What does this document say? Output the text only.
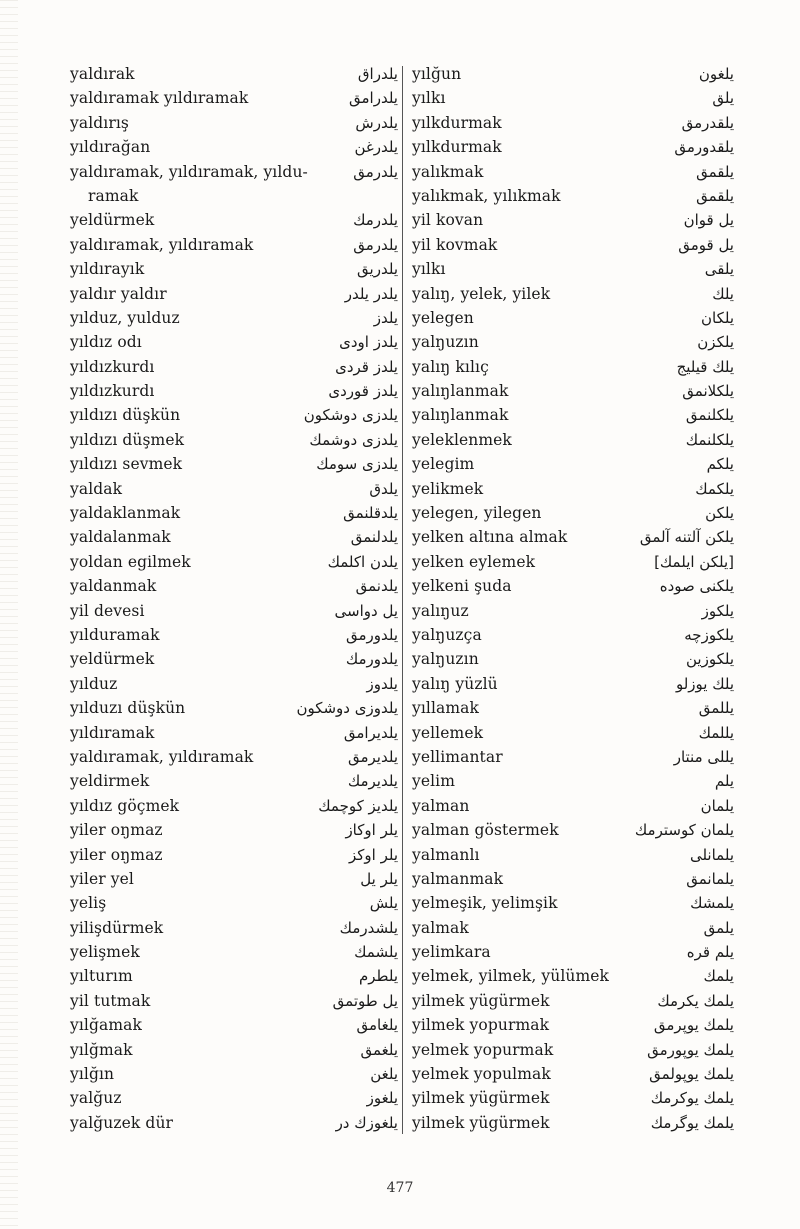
yaldırak	يلدراق
yaldıramak yıldıramak	يلدرامق
yaldırış	يلدرش
yıldırağan	يلدرغن
yaldıramak, yıldıramak, yıldu-	يلدرمق
ramak
yeldürmek	يلدرمك
yaldıramak, yıldıramak	يلدرمق
yıldırayık	يلدريق
yaldır yaldır	يلدر يلدر
yılduz, yulduz	يلدز
yıldız odı	يلدز اودى
yıldızkurdı	يلدز قردى
yıldızkurdı	يلدز قوردى
yıldızı düşkün	يلدزى دوشكون
yıldızı düşmek	يلدزى دوشمك
yıldızı sevmek	يلدزى سومك
yaldak	يلدق
yaldaklanmak	يلدقلنمق
yaldalanmak	يلدلنمق
yoldan egilmek	يلدن اكلمك
yaldanmak	يلدنمق
yil devesi	يل دواسى
yılduramak	يلدورمق
yeldürmek	يلدورمك
yılduz	يلدوز
yılduzı düşkün	يلدوزى دوشكون
yıldıramak	يلديرامق
yaldıramak, yıldıramak	يلديرمق
yeldirmek	يلديرمك
yıldız göçmek	يلديز كوچمك
yiler oŋmaz	يلر اوكاز
yiler oŋmaz	يلر اوكز
yiler yel	يلر يل
yeliş	يلش
yilişdürmek	يلشدرمك
yelişmek	يلشمك
yılturım	يلطرم
yil tutmak	يل طوتمق
yılğamak	يلغامق
yılğmak	يلغمق
yılğın	يلغن
yalğuz	يلغوز
yalğuzek dür	يلغوزك در
yılğun	يلغون
yılkı	يلق
yılkdurmak	يلقدرمق
yılkdurmak	يلقدورمق
yalıkmak	يلقمق
yalıkmak, yılıkmak	يلقمق
yil kovan	يل قوان
yil kovmak	يل قومق
yılkı	يلقى
yalıŋ, yelek, yilek	يلك
yelegen	يلكان
yalŋuzın	يلكزن
yalıŋ kılıç	يلك قيليج
yalıŋlanmak	يلكلانمق
yalıŋlanmak	يلكلنمق
yeleklenmek	يلكلنمك
yelegim	يلكم
yelikmek	يلكمك
yelegen, yilegen	يلكن
yelken altına almak	يلكن آلتنه آلمق
yelken eylemek	[يلكن ايلمك]
yelkeni şuda	يلكنى صوده
yalıŋuz	يلكوز
yalŋuzça	يلكوزچه
yalŋuzın	يلكوزين
yalıŋ yüzlü	يلك يوزلو
yıllamak	يللمق
yellemek	يللمك
yellimantar	يللى منتار
yelim	يلم
yalman	يلمان
yalman göstermek	يلمان كوسترمك
yalmanlı	يلمانلى
yalmanmak	يلمانمق
yelmeşik, yelimşik	يلمشك
yalmak	يلمق
yelimkara	يلم قره
yelmek, yilmek, yülümek	يلمك
yilmek yügürmek	يلمك يكرمك
yilmek yopurmak	يلمك يوپرمق
yelmek yopurmak	يلمك يوپورمق
yelmek yopulmak	يلمك يوپولمق
yilmek yügürmek	يلمك يوكرمك
yilmek yügürmek	يلمك يوگرمك
477
